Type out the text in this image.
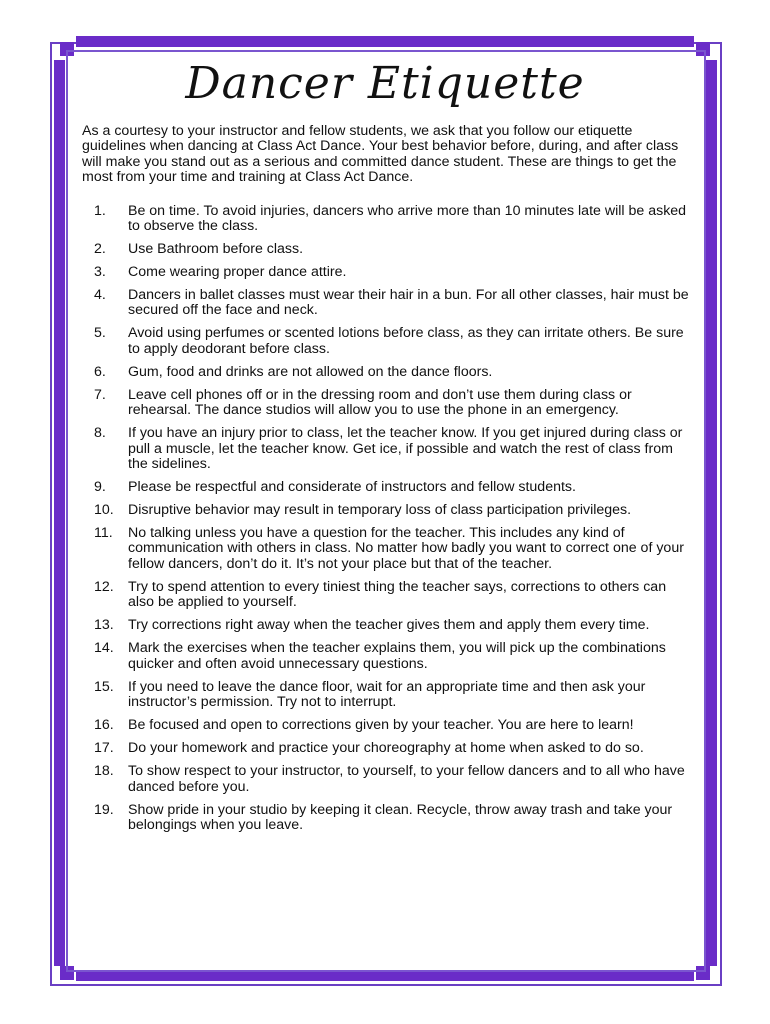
Dancer Etiquette

As a courtesy to your instructor and fellow students, we ask that you follow our etiquette guidelines when dancing at Class Act Dance. Your best behavior before, during, and after class will make you stand out as a serious and committed dance student. These are things to get the most from your time and training at Class Act Dance.

1.	Be on time. To avoid injuries, dancers who arrive more than 10 minutes late will be asked to observe the class.
2.	Use Bathroom before class.
3.	Come wearing proper dance attire.
4.	Dancers in ballet classes must wear their hair in a bun. For all other classes, hair must be secured off the face and neck.
5.	Avoid using perfumes or scented lotions before class, as they can irritate others. Be sure to apply deodorant before class.
6.	Gum, food and drinks are not allowed on the dance floors.
7.	Leave cell phones off or in the dressing room and don’t use them during class or rehearsal. The dance studios will allow you to use the phone in an emergency.
8.	If you have an injury prior to class, let the teacher know. If you get injured during class or pull a muscle, let the teacher know. Get ice, if possible and watch the rest of class from the sidelines.
9.	Please be respectful and considerate of instructors and fellow students.
10.	Disruptive behavior may result in temporary loss of class participation privileges.
11.	No talking unless you have a question for the teacher. This includes any kind of communication with others in class. No matter how badly you want to correct one of your fellow dancers, don’t do it. It’s not your place but that of the teacher.
12.	Try to spend attention to every tiniest thing the teacher says, corrections to others can also be applied to yourself.
13.	Try corrections right away when the teacher gives them and apply them every time.
14.	Mark the exercises when the teacher explains them, you will pick up the combinations quicker and often avoid unnecessary questions.
15.	If you need to leave the dance floor, wait for an appropriate time and then ask your instructor’s permission. Try not to interrupt.
16.	Be focused and open to corrections given by your teacher. You are here to learn!
17.	Do your homework and practice your choreography at home when asked to do so.
18.	To show respect to your instructor, to yourself, to your fellow dancers and to all who have danced before you.
19.	Show pride in your studio by keeping it clean. Recycle, throw away trash and take your belongings when you leave.
